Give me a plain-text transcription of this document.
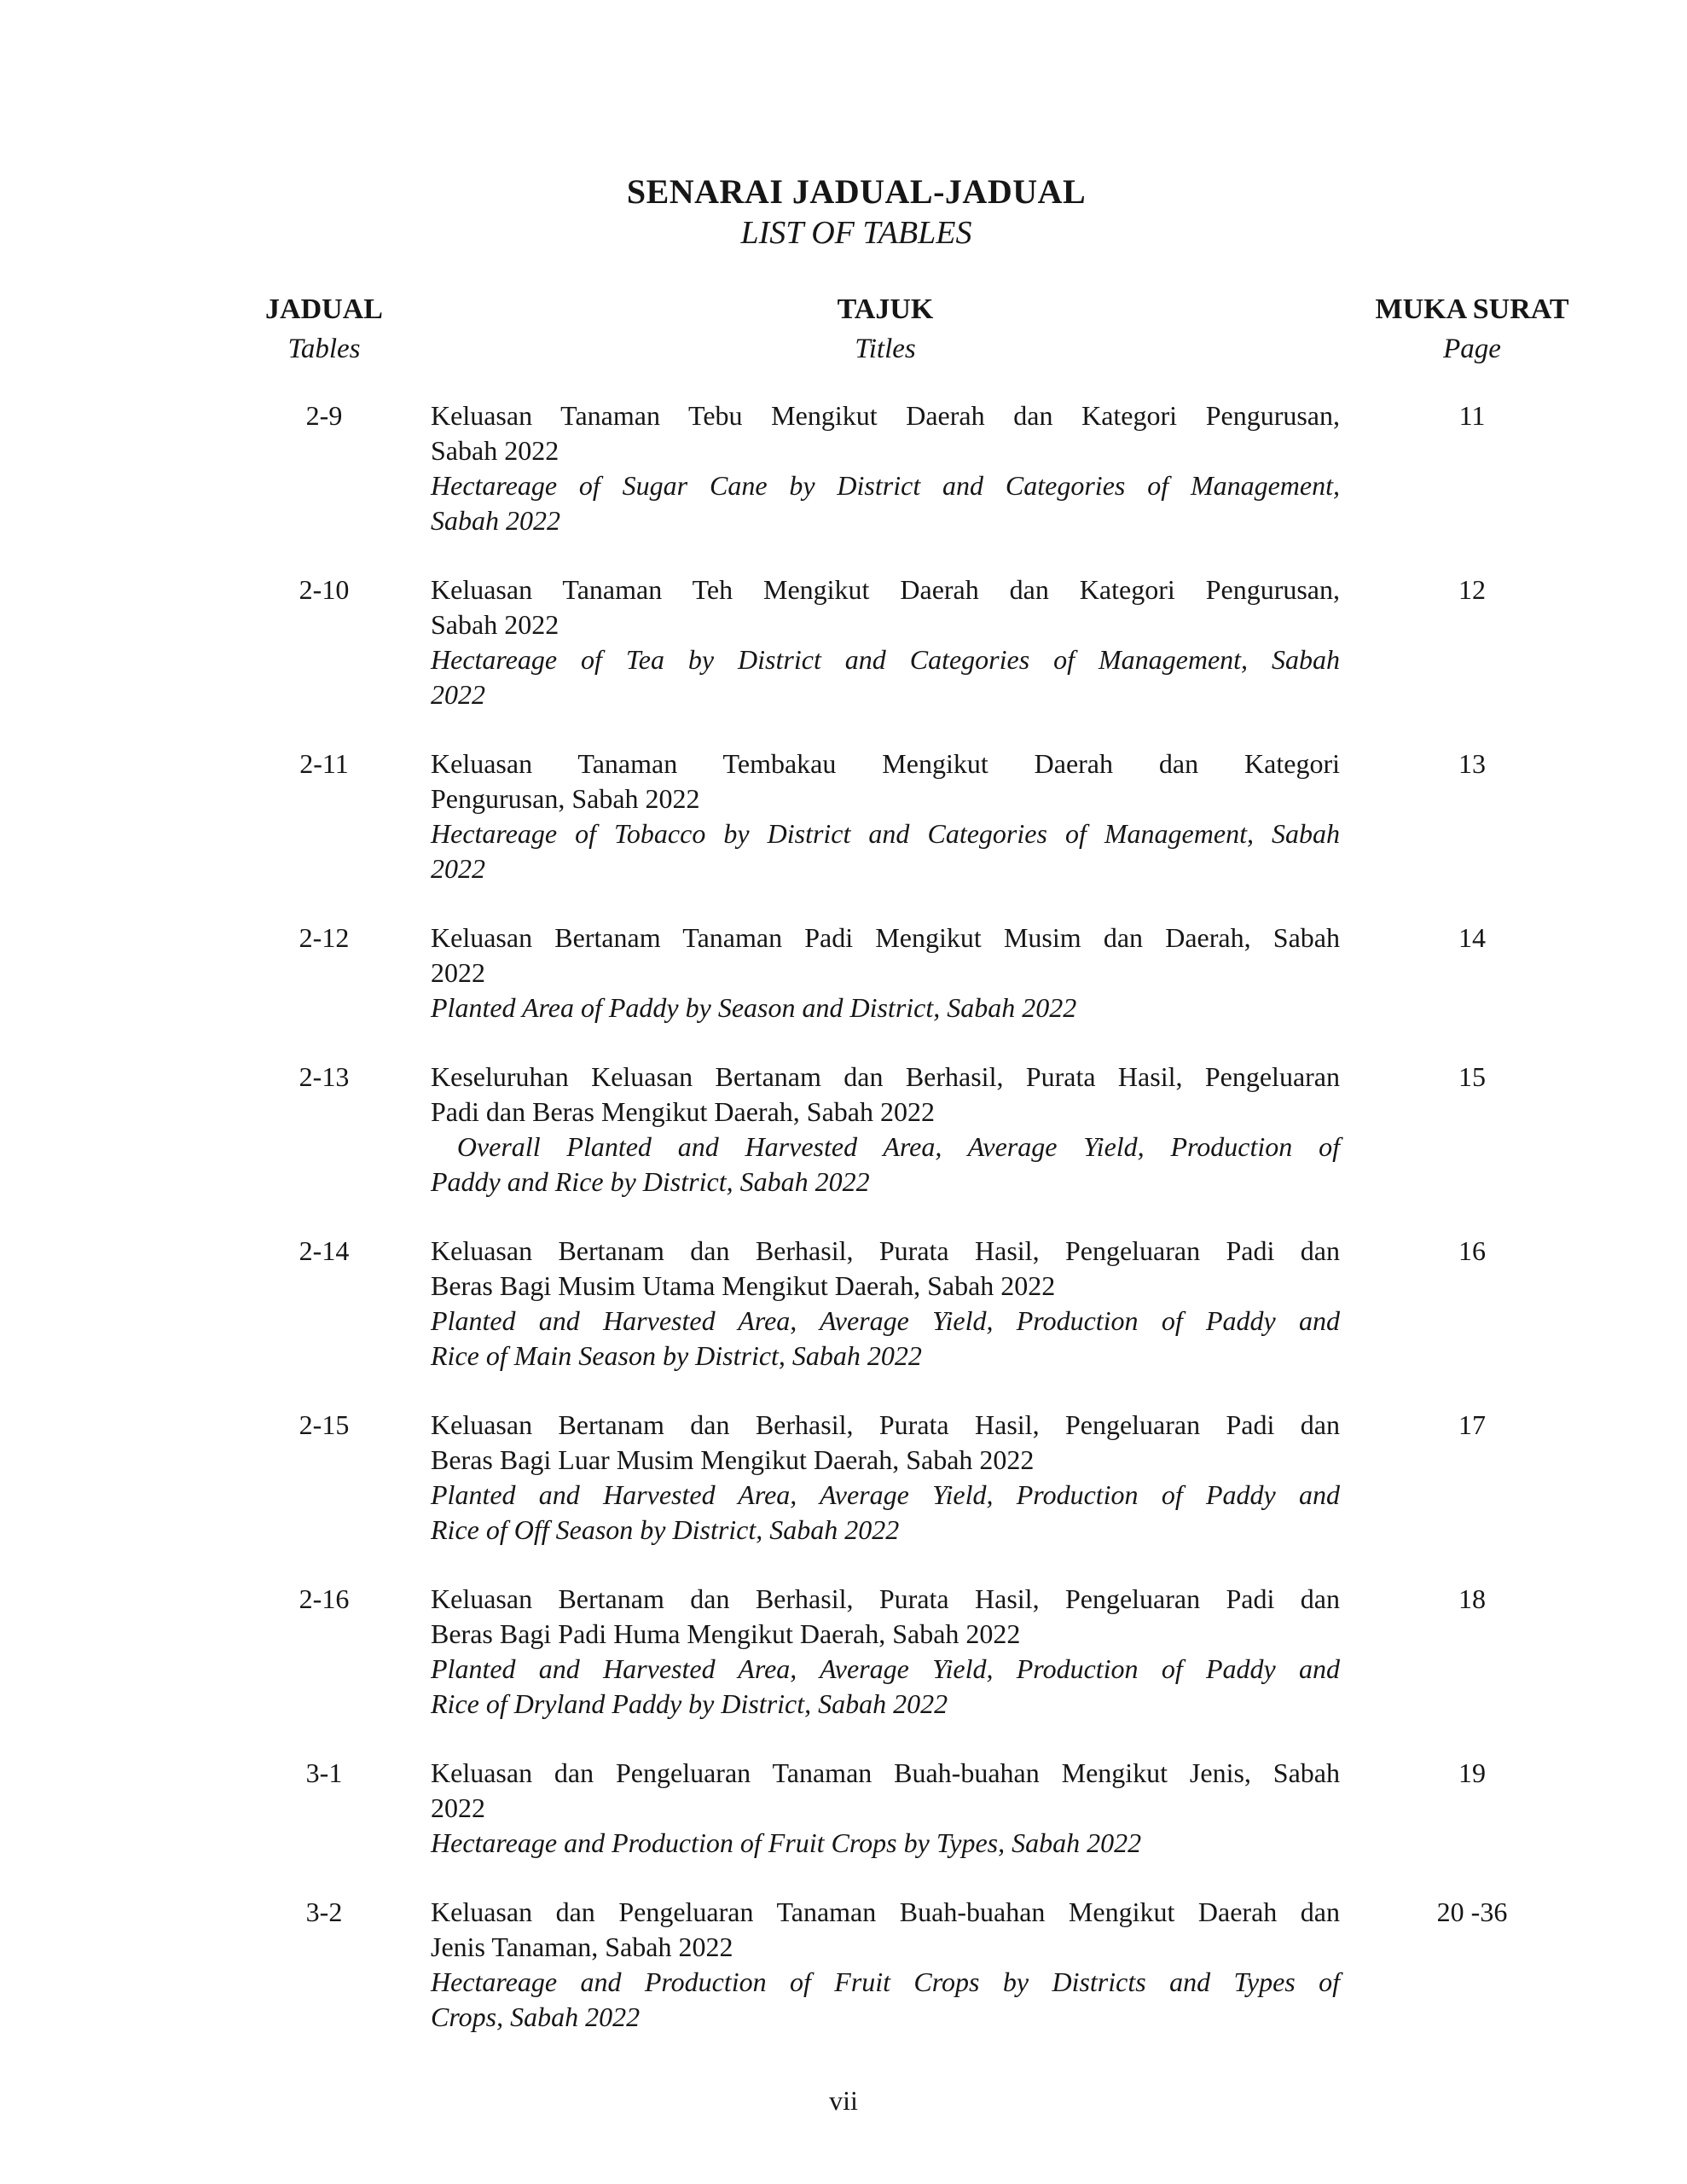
SENARAI JADUAL-JADUAL
LIST OF TABLES
JADUAL
Tables
TAJUK
Titles
MUKA SURAT
Page
2-9	Keluasan Tanaman Tebu Mengikut Daerah dan Kategori Pengurusan,
Sabah 2022
Hectareage of Sugar Cane by District and Categories of Management,
Sabah 2022
11
2-10	Keluasan Tanaman Teh Mengikut Daerah dan Kategori Pengurusan,
Sabah 2022
Hectareage of Tea by District and Categories of Management, Sabah
2022
12
2-11	Keluasan Tanaman Tembakau Mengikut Daerah dan Kategori
Pengurusan, Sabah 2022
Hectareage of Tobacco by District and Categories of Management, Sabah
2022
13
2-12	Keluasan Bertanam Tanaman Padi Mengikut Musim dan Daerah, Sabah
2022
Planted Area of Paddy by Season and District, Sabah 2022
14
2-13	Keseluruhan Keluasan Bertanam dan Berhasil, Purata Hasil, Pengeluaran
Padi dan Beras Mengikut Daerah, Sabah 2022
Overall Planted and Harvested Area, Average Yield, Production of
Paddy and Rice by District, Sabah 2022
15
2-14	Keluasan Bertanam dan Berhasil, Purata Hasil, Pengeluaran Padi dan
Beras Bagi Musim Utama Mengikut Daerah, Sabah 2022
Planted and Harvested Area, Average Yield, Production of Paddy and
Rice of Main Season by District, Sabah 2022
16
2-15	Keluasan Bertanam dan Berhasil, Purata Hasil, Pengeluaran Padi dan
Beras Bagi Luar Musim Mengikut Daerah, Sabah 2022
Planted and Harvested Area, Average Yield, Production of Paddy and
Rice of Off Season by District, Sabah 2022
17
2-16	Keluasan Bertanam dan Berhasil, Purata Hasil, Pengeluaran Padi dan
Beras Bagi Padi Huma Mengikut Daerah, Sabah 2022
Planted and Harvested Area, Average Yield, Production of Paddy and
Rice of Dryland Paddy by District, Sabah 2022
18
3-1	Keluasan dan Pengeluaran Tanaman Buah-buahan Mengikut Jenis, Sabah
2022
Hectareage and Production of Fruit Crops by Types, Sabah 2022
19
3-2	Keluasan dan Pengeluaran Tanaman Buah-buahan Mengikut Daerah dan
Jenis Tanaman, Sabah 2022
Hectareage and Production of Fruit Crops by Districts and Types of
Crops, Sabah 2022
20 -36
vii
